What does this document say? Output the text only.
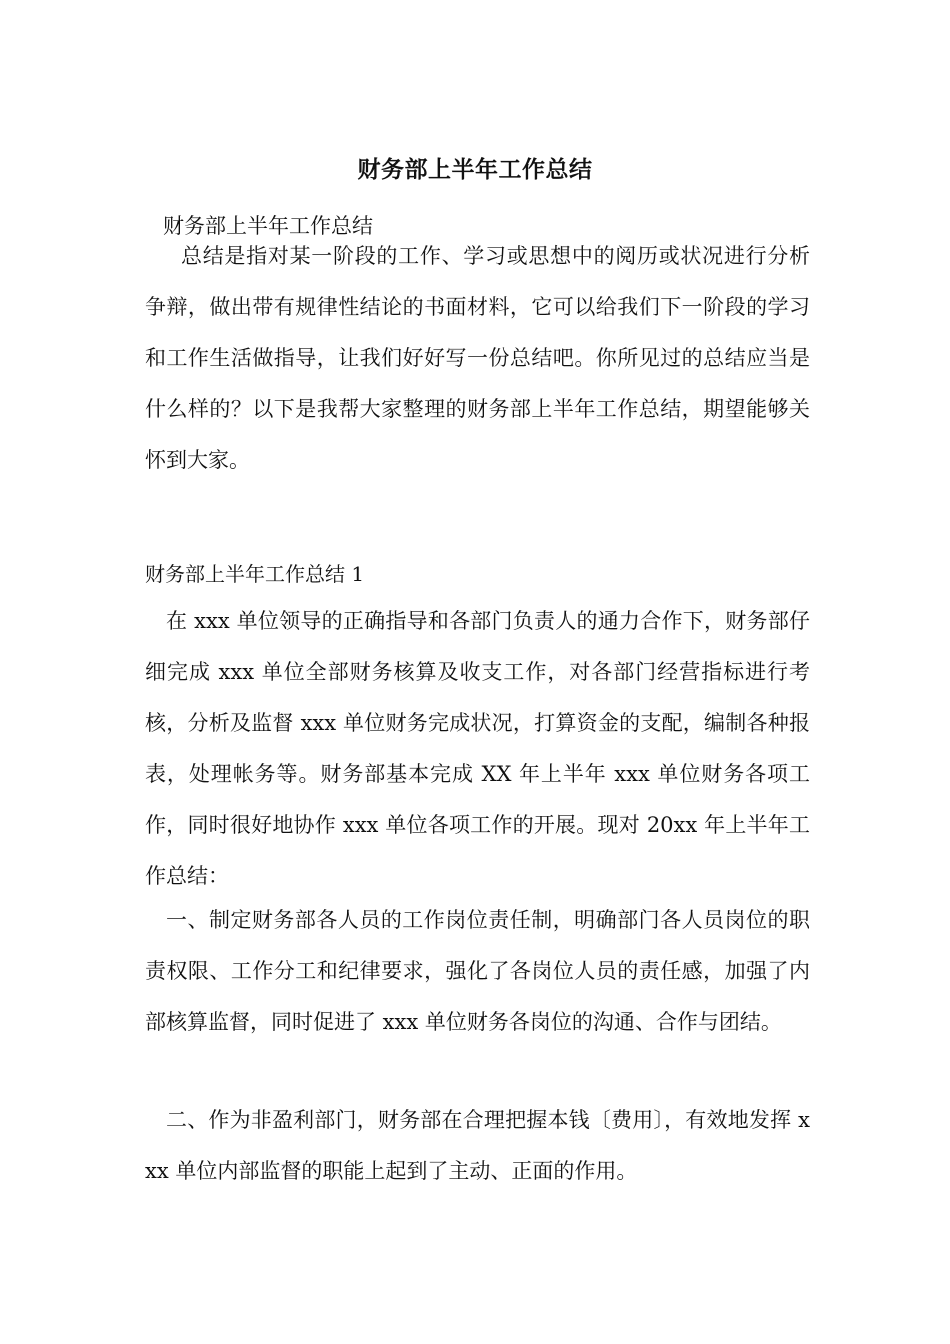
财务部上半年工作总结
财务部上半年工作总结
总结是指对某一阶段的工作、学习或思想中的阅历或状况进行分析争辩，做出带有规律性结论的书面材料，它可以给我们下一阶段的学习和工作生活做指导，让我们好好写一份总结吧。你所见过的总结应当是什么样的？以下是我帮大家整理的财务部上半年工作总结，期望能够关怀到大家。
财务部上半年工作总结 1
在 xxx 单位领导的正确指导和各部门负责人的通力合作下，财务部仔细完成 xxx 单位全部财务核算及收支工作，对各部门经营指标进行考核，分析及监督 xxx 单位财务完成状况，打算资金的支配，编制各种报表，处理帐务等。财务部基本完成 XX 年上半年 xxx 单位财务各项工作，同时很好地协作 xxx 单位各项工作的开展。现对 20xx 年上半年工作总结：
一、制定财务部各人员的工作岗位责任制，明确部门各人员岗位的职责权限、工作分工和纪律要求，强化了各岗位人员的责任感，加强了内部核算监督，同时促进了 xxx 单位财务各岗位的沟通、合作与团结。
二、作为非盈利部门，财务部在合理把握本钱〔费用〕，有效地发挥 xxx 单位内部监督的职能上起到了主动、正面的作用。
